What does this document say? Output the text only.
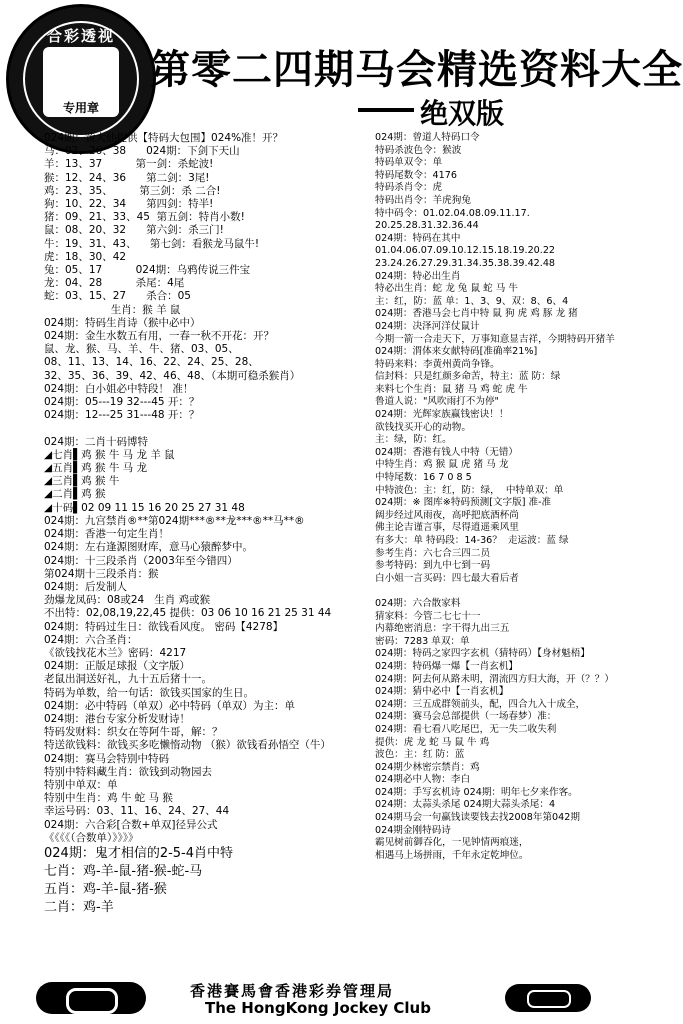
合彩透视
专用章
第零二四期马会精选资料大全
绝双版
024期：黄大仙提供【特码大包围】024%准！开？
马：02、26、38      024期：下剑下天山
羊：13、37          第一剑：杀蛇波!
猴：12、24、36      第二剑：3尾!
鸡：23、35、        第三剑：杀 二合!
狗：10、22、34      第四剑：特半!
猪：09、21、33、45  第五剑：特肖小数!
鼠：08、20、32      第六剑：杀三门!
牛：19、31、43、    第七剑：看猴龙马鼠牛!
虎：18、30、42
兔：05、17          024期：乌鸦传说三件宝
龙：04、28          杀尾：4尾
蛇：03、15、27      杀合：05
生肖：猴 羊 鼠
024期：特码生肖诗（猴中必中）
024期：金生水数五有用，一春一秋不开花：开？
鼠、龙、猴、马、羊、牛、猪、03、05、
08、11、13、14、16、22、24、25、28、
32、35、36、39、42、46、48、（本期可稳杀猴肖）
024期：白小姐必中特段！ 准！
024期：05---19 32---45 开：？
024期：12---25 31---48 开：？

024期：二肖十码博特
◢七肖▌鸡 猴 牛 马 龙 羊 鼠
◢五肖▌鸡 猴 牛 马 龙
◢三肖▌鸡 猴 牛
◢二肖▌鸡 猴
◢十码▌02 09 11 15 16 20 25 27 31 48
024期：九宫禁肖®**第024期***®**龙***®**马**®
024期：香港一句定生肖！
024期：左右逢源图财库，意马心猿醉梦中。
024期：十三段杀肖（2003年至今错四）
第024期十三段杀肖：猴
024期：后发制人
劲爆龙凤码：08或24   生肖 鸡或猴
不出特：02,08,19,22,45 提供：03 06 10 16 21 25 31 44
024期：特码过生日：欲钱看风度。 密码【4278】
024期：六合圣肖：
《欲钱找花木兰》密码：4217
024期：正版足球报（文字版）
老鼠出洞送好礼，九十五后猪十一。
特码为单数，给一句话：欲钱买国家的生日。
024期：必中特码（单双）必中特码（单双）为主：单
024期：港台专家分析发财诗！
特码发财料：织女在等阿牛哥，解：？
特送欲钱料：欲钱买多吃懒惰动物 （猴）欲钱看孙悟空（牛）
024期：赛马会特别中特码
特别中特料藏生肖：欲钱到动物园去
特别中单双：单
特别中生肖：鸡 牛 蛇 马 猴
幸运号码：03、11、16、24、27、44
024期：六合彩[合数+单双]径异公式
《《《《（合数单）》》》》
024期：鬼才相信的2-5-4肖中特
七肖：鸡-羊-鼠-猪-猴-蛇-马
五肖：鸡-羊-鼠-猪-猴
二肖：鸡-羊
024期：曾道人特码口令
特码杀波色令：猴波
特码单双令：单
特码尾数令：4176
特码杀肖令：虎
特码出肖令：羊虎狗兔
特中码令：01.02.04.08.09.11.17.
20.25.28.31.32.36.44
024期：特码在其中
01.04.06.07.09.10.12.15.18.19.20.22
23.24.26.27.29.31.34.35.38.39.42.48
024期：特必出生肖
特必出生肖：蛇 龙 兔 鼠 蛇 马 牛
主：红，防：蓝 单：1、3、9、双：8、6、4
024期：香港马会七肖中特 鼠 狗 虎 鸡 豚 龙 猪
024期：决泽河洋仗鼠计
今期一箭一合走天下，万事知意显吉祥，今期特码开猪羊
024期：渭体来女献特码[准确率21%]
特码来料：李黄州黄尚争锋。
信封料：只是红颜多命苦，特主：蓝 防：绿
来料七个生肖：鼠 猪 马 鸡 蛇 虎 牛
鲁道人说："风吹雨打不为停"
024期：光辉家族赢钱密诀！！
欲钱找买开心的动物。
主：绿，防：红。
024期：香港有钱人中特（无错）
中特生肖：鸡 猴 鼠 虎 猪 马 龙
中特尾数：16 7 0 8 5
中特波色：主：红，防：绿，  中特单双：单
024期：※ 图库※特码预测[文字版] 准-准
阔步经过风雨夜，高呼把底酒杯尚
佛主论吉谨言事，尽得逍遥乘风里
有多大：单 特码段：14-36？  走运波：蓝 绿
参考生肖：六七合三四二员
参考特码：到九中七到一码
白小姐一言买码：四七最大看后者

024期：六合散家料
猜家料：今管二七七十一
内幕绝密消息：字干得九出三五
密码：7283 单双：单
024期：特码之家四字玄机（猜特码）【身材魁梧】
024期：特码爆一爆【一肖玄机】
024期：阿去何从路未明，渭流四方归大海，开（？？）
024期：猜中必中【一肖玄机】
024期：三五成群领前头，配，四合九入十成全，
024期：赛马会总部提供（一场春梦）准：
024期：看七看八吃尾巴，无一失二收失利
提供：虎 龙 蛇 马 鼠 牛 鸡
波色：主：红 防：蓝
024期少林密宗禁肖：鸡
024期必中人物：李白
024期：手写玄机诗 024期：明年七夕来作客。
024期：太蒜头杀尾 024期大蒜头杀尾：4
024期马会一句赢钱读要钱去找2008年第042期
024期金刚特码诗
霸见树前御吞化，一见钟情两痕迷，
相遇马上场拼雨，千年永定乾坤位。
香港賽馬會香港彩券管理局
The HongKong Jockey Club
